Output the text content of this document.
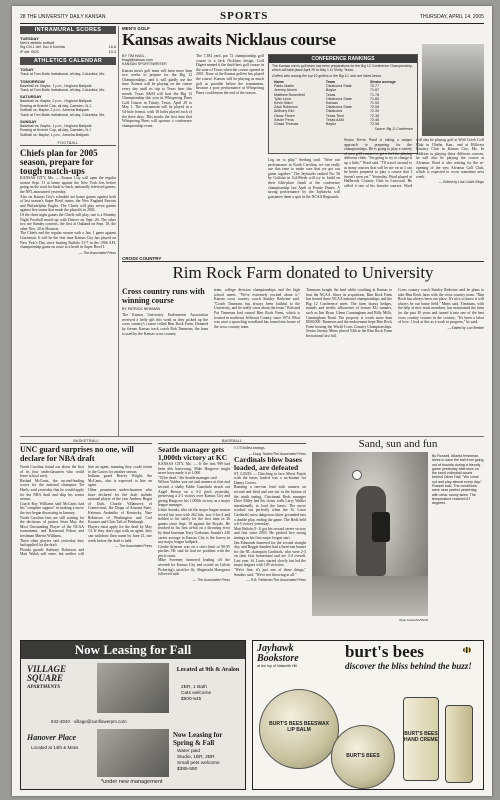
28 THE UNIVERSITY DAILY KANSAN	SPORTS	THURSDAY, APRIL 14, 2005
INTRAMURAL SCORES
TUESDAY
Men's athletic softball
Sig Chi 1 def. Sov 8 Kokinta	16-6
IP def. BOS	10-3
ATHLETICS CALENDAR
TODAY
Track at Tom Botts Invitational, all day, Columbia, Mo.
TOMORROW
Baseball vs. Baylor, 7 p.m., Hoglund Ballpark
Track at Tom Botts Invitational, all day, Columbia, Mo.
SATURDAY
Baseball vs. Baylor, 2 p.m., Hoglund Ballpark
Rowing at Knecht Cup, all day, Camden, N.J.
Softball vs. Baylor, 2 p.m., Arrocha Ballpark
Track at Tom Botts Invitational, all day, Columbia, Mo.
SUNDAY
Baseball vs. Baylor, 1 p.m., Hoglund Ballpark
Rowing at Knecht Cup, all day, Camden, N.J.
Softball vs. Baylor, 1 p.m., Arrocha Ballpark
FOOTBALL
Chiefs plan for 2005 season, prepare for tough match-ups

KANSAS CITY, Mo. — Kansas City will open the regular season Sept. 11 at home against the New York Jets before going on the road for back-to-back, nationally televised games, the NFL announced yesterday.

Also on Kansas City's schedule are home games against both of last season's Super Bowl teams, the New England Patriots and Philadelphia Eagles. The Chiefs will play seven games against five teams that made the playoffs in 2004.

Of the three night games the Chiefs will play, one is a Monday Night Football match-up with Denver on Sept. 26. The other two are Sunday contests, the first at Oakland on Sept. 18, the other Nov. 20 at Houston.

The Chiefs end the regular season with a Jan. 1 game against Cincinnati. It will be the first time Kansas City has played on New Year's Day since beating Buffalo 31-7 in the 1966 AFL championship game en route to a berth in Super Bowl I.

— The Associated Press
MEN'S GOLF
Kansas awaits Nicklaus course
BY TIM HAGL
thagl@kansan.com
KANSAN SPORTSWRITER

Kansas men's golf team will have more than two weeks to prepare for the Big 12 Championships, and it will gladly use the time. Kansas will be playing on the course every day until its trip to Texas later this month. Texas A&M will host the Big 12 Championship this year in Whispering Pines Golf Course in Trinity, Texas, April 29 to May 1. The tournament will be played in a 54-hole format, with 18 holes played each of the three days. This marks the first time that Whispering Pines will sponsor a conference championship event.

The 7,384 yard, par 72 championship golf course is a Jack Nicklaus design. Golf Digest named it the third-best golf course in the state of Texas when the course opened in 2001. None of the Kansas golfers has played the course. Kansas will be playing as much golf as possible before the tournament, because a poor performance at Whispering Pines could mean the end of the season.

CONFERENCE RANKINGS
The Kansas men's golf team has been preparations for the Big 12 Conference Championship, which will take place April 29 to May 1 in Trinity, Texas.
Golfers who among the top 10 golfers in the Big 12, who are listed below.
Name	Team	Stroke average
Pablo Martin	Oklahoma State	70.77
Jeremy Alcorn	Baylor	71.67
Matthew Rosenfeld	Texas	71.78
Tyler Leon	Oklahoma State	71.85
Kevin Ward	Kansas	71.93
Zack Robinson	Oklahoma State	72.08
Anthony Kim	Oklahoma	72.39
Oscar Floren	Texas Tech	72.38
Xavier Pena	Texas A&M	72.46
Chase Thomas	Baylor	72.58
Source: Big 12 Conference

Log on to play," Sterling said. "After our performance in North Carolina, we can really use this time to make sure that we get our game together." The Jayhawks ranked No. 56 by Golfstat in GolfWeek will try to build on their fifth-place finish at the conference championship last April at Prairie Dunes. A strong performance by the Jayhawks will guarantee them a spot in the NCAA Regionals.

Senior Kevin Ward is taking a unique approach to preparing for the championships. He is going to play a variety of area golf courses to get a feel for playing different clubs. "I'm going to try to change it up a little," Ward said. "I'll travel around to as many courses that will let me on so I can be better prepared to play a course that I haven't seen yet." Yesterday, Ward played at Hallbrook Country Club in Leawood. He called it one of his favorite courses. Ward will also be playing golf at Wolf Creek Golf Club in Olathe, Kan., and at Hillcrest Country Club in Kansas City, Mo. In addition to playing these different courses, he will also be playing the course at Alvamar. Ward is also waiting for the re-opening of the new Alvamar Golf Club, which is expected to occur sometime next week.

— Edited by Lisa Coble-Rings
CROSS COUNTRY
Rim Rock Farm donated to University
Cross country runs with winning course
BY PATRICK NEWMAN

The Kansas University Endowment Association received a hefty gift this week as they picked up the cross country's course called Rim Rock Farm. Donated by former Kansas track coach Bob Timmons, the farm is used by the Kansas cross country

team, college division championships and the high school meets. "We're extremely excited about it," Kansas cross country coach Stanley Redwine said. "Coach Timmons has always been faithful to the University, and he really cares about the team." Bob and Pat Timmons had owned Rim Rock Farm, which is located in northeast Jefferson County, since 1974. What was once a sprawling woodland has turned into home of the cross country team.

Timmons bought the land while coaching at Kansas to host the NCAA. Since its acquisition, Rim Rock Farm has hosted three NCAA national championships and the Big 12 Conference meet. The farm boasts hedges, tunnels and terrific silhouettes of former KU runners, such as Jim Ryun, Glenn Cunningham and Billy Mills, Cunningham Road. The property is worth more than $500,000. Timmons and the endowment hope Rim Rock Farm hosting the World Cross Country Championships. Senior Jeremy Mims placed 54th at the Rim Rock Farm Invitational last fall.

Cross country coach Stanley Redwine said he plans to take Rim Rock farm with the cross country team. "Rim Rock has always been our place. It's nice to know it will always be our home field," Mims said. Timmons, with the help of new track members, has maintained the farm for the past 30 years and turned it into one of the best cross country courses in the country. "It's been a labor of love. I look at this as a work in progress," he said.

— Edited by Lori Brekke
BASKETBALL
UNC guard surprises no one, will declare for NBA draft

North Carolina found out about the first of its four underclassmen who could leave school early.

Rashad McCants, the second-leading scorer for the national champion Tar Heels, said yesterday that he would apply for the NBA draft and skip his senior season.

Coach Roy Williams said McCants had his "complete support" in making a move the two began discussing in January.

North Carolina fans are still waiting for the decisions of juniors Sean May, the Most Outstanding Player of the NCAA tournament, and Raymond Felton and freshman Marvin Williams.

Three other players said yesterday they had applied for the draft.

Florida guards Anthony Roberson and Matt Walsh will enter, but neither will hire an agent, meaning they could return to the Gators for another season.

Indiana guard Bracey Wright, the McCants, also is expected to hire an agent.

Other prominent underclassmen who have declared for the draft include national player of the year Andrew Bogut of Utah, Charlie Villanueva of Connecticut, Ike Diogu of Arizona State, Kelenna Azubuike of Kentucky, Nate Robinson of Washington and Carl Krauser and Chris Taft of Pittsburgh.

Players must apply for the draft by May 14. If they don't sign with an agent, they can withdraw their name by June 21, one week before the draft is held.

— The Associated Press
BASEBALL
Seattle manager gets 1,000th victory at KC

KANSAS CITY, Mo. — If the first 999 had been this harrowing, Mike Hargrove might never have made it to 1,000.

"I'd be dead," the Seattle manager said.

Wilson Valdez was out and runners at first and second, a shaky Eddie Guardado struck out Angel Berroa on a 3-2 pitch yesterday, preserving a 2-1 victory over Kansas City and giving Hargrove his 1,000th victory as a major league manager.

Ichiro Suzuki, who set the major league season record last year with 262 hits, was 3-for-4 and fielded to hit safely for the first time in 26 games since Sept. 18 against the Royals. He reached in his first at-bat on a throwing error by third baseman Terry Gotbaum, Suzuki's 240 career average in Kansas City is the lowest in any major league ballpark.

Gordie Arjerner was on a strict limit of 90-95 pitches. He said he had no problem with the pitch count.

Mike Sweeney homered leading off the seventh for Kansas City and scored on Calvin Pickering's sacrifice fly. Shigetoshi Hasegawa followed with

— The Associated Press

1 1/3 hitless innings.

— Doug Tucker/The Associated Press
Cardinals blow bases loaded, are defeated

ST. LOUIS — Clinching to face Albert Pujols with the bases loaded was a no-brainer for Danny Graves.

Running a one-run lead with runners on second and third and one out in the bottom of the ninth inning, Cincinnati Reds manager Dave Miley had his closer walk Larry Walker intentionally to load the bases. The move worked out perfectly when the St. Louis Cardinals' most dangerous hitter grounded into a double play, ending the game. The Reds held a 6-5 victory yesterday.

Matt Belisle (1-1) got his second career victory and first since 2003. He pitched five strong innings in his first major league start.

Jim Edmonds homered for the second straight day, and Reggie Sanders had a three-run homer for the NL champion Cardinals, who were 2-3 on their first homestand and are 3-4 overall. Last year, St. Louis started slowly but led the major leagues with 105 victories.

"We're fine, it's just one of those things," Sanders said. "We're not throwing at all."

— R.B. Fallstrom/The Associated Press
Sand, sun and fun
Ryan Howe/KANSAN
Bo Russell, Atlanta freshman, dives to save the ball from going out of bounds during a friendly game yesterday afternoon on the sand volleyball courts behind Oliver Hall. "We come out and play almost every day," Russell said. The conditions were near perfect yesterday, with clear, sunny skies. The temperature reached 67 degrees.
Now Leasing for Fall
VILLAGE
SQUARE
APARTMENTS
Located at 9th & Avalon
2BR, 1 Bath
Cats welcome
$500-545
842-3040 · village@sunflowerpm.com
Hanover Place
Located at 14th & Mass
Now Leasing for Spring & Fall
Water paid
Studio, 1BR, 2BR
Small pets welcome
$385-590
*under new management
Jayhawk Bookstore
at the top of Naismith Hill
burt's bees
discover the bliss behind the buzz!
BURT'S BEES BEESWAX LIP BALM
BURT'S BEES
BURT'S BEES HAND CREME
